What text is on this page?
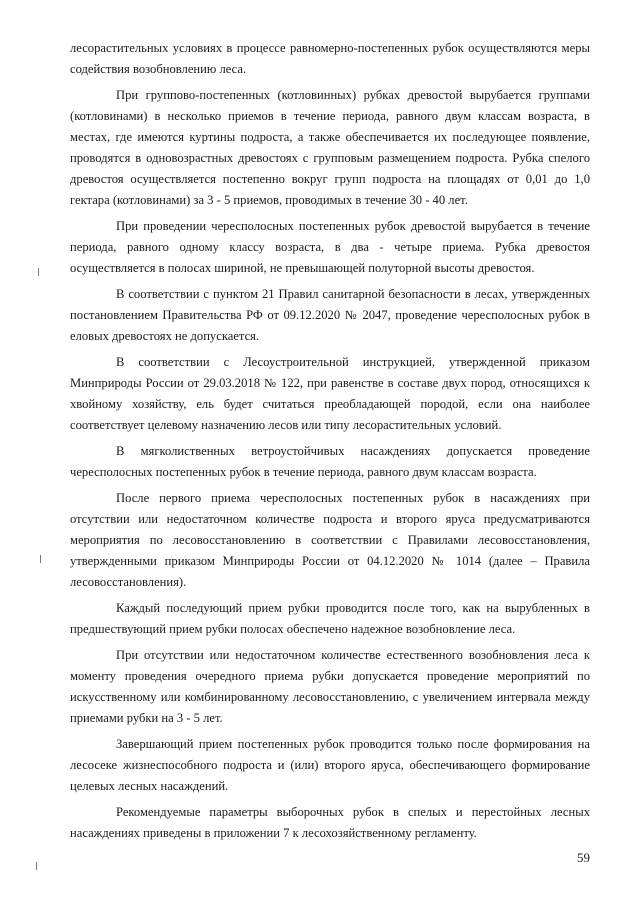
лесорастительных условиях в процессе равномерно-постепенных рубок осуществляются меры содействия возобновлению леса.

При группово-постепенных (котловинных) рубках древостой вырубается группами (котловинами) в несколько приемов в течение периода, равного двум классам возраста, в местах, где имеются куртины подроста, а также обеспечивается их последующее появление, проводятся в одновозрастных древостоях с групповым размещением подроста. Рубка спелого древостоя осуществляется постепенно вокруг групп подроста на площадях от 0,01 до 1,0 гектара (котловинами) за 3 - 5 приемов, проводимых в течение 30 - 40 лет.

При проведении чересполосных постепенных рубок древостой вырубается в течение периода, равного одному классу возраста, в два - четыре приема. Рубка древостоя осуществляется в полосах шириной, не превышающей полуторной высоты древостоя.

В соответствии с пунктом 21 Правил санитарной безопасности в лесах, утвержденных постановлением Правительства РФ от 09.12.2020 № 2047, проведение чересполосных рубок в еловых древостоях не допускается.

В соответствии с Лесоустроительной инструкцией, утвержденной приказом Минприроды России от 29.03.2018 № 122, при равенстве в составе двух пород, относящихся к хвойному хозяйству, ель будет считаться преобладающей породой, если она наиболее соответствует целевому назначению лесов или типу лесорастительных условий.

В мягколиственных ветроустойчивых насаждениях допускается проведение чересполосных постепенных рубок в течение периода, равного двум классам возраста.

После первого приема чересполосных постепенных рубок в насаждениях при отсутствии или недостаточном количестве подроста и второго яруса предусматриваются мероприятия по лесовосстановлению в соответствии с Правилами лесовосстановления, утвержденными приказом Минприроды России от 04.12.2020 № 1014 (далее – Правила лесовосстановления).

Каждый последующий прием рубки проводится после того, как на вырубленных в предшествующий прием рубки полосах обеспечено надежное возобновление леса.

При отсутствии или недостаточном количестве естественного возобновления леса к моменту проведения очередного приема рубки допускается проведение мероприятий по искусственному или комбинированному лесовосстановлению, с увеличением интервала между приемами рубки на 3 - 5 лет.

Завершающий прием постепенных рубок проводится только после формирования на лесосеке жизнеспособного подроста и (или) второго яруса, обеспечивающего формирование целевых лесных насаждений.

Рекомендуемые параметры выборочных рубок в спелых и перестойных лесных насаждениях приведены в приложении 7 к лесохозяйственному регламенту.

59
